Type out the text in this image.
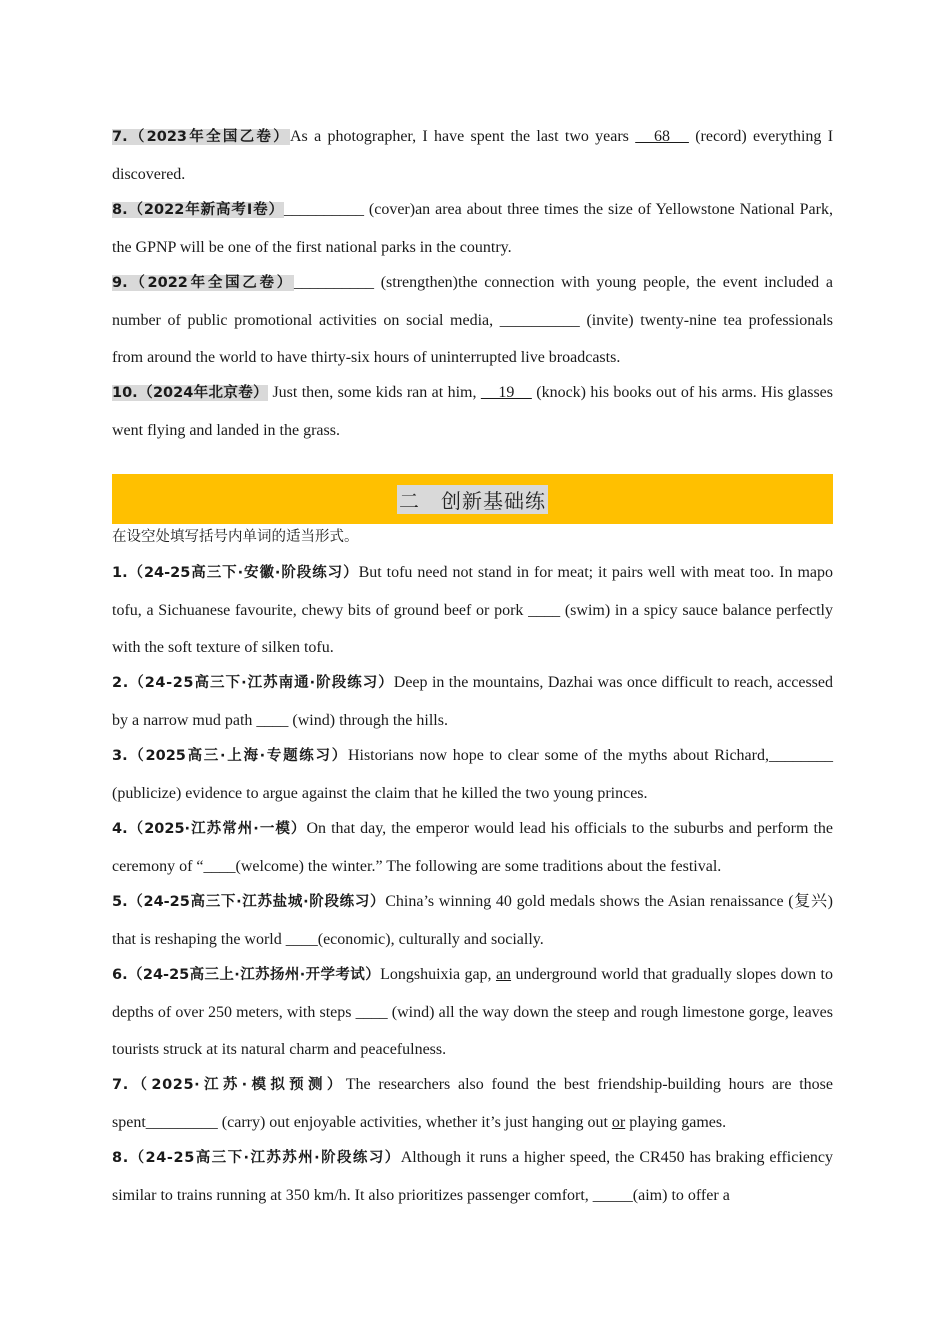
7.（2023年全国乙卷）As a photographer, I have spent the last two years    68    (record) everything I discovered.

8.（2022年新高考I卷）__________ (cover)an area about three times the size of Yellowstone National Park, the GPNP will be one of the first national parks in the country.

9.（2022年全国乙卷）__________ (strengthen)the connection with young people, the event included a number of public promotional activities on social media, __________ (invite) twenty-nine tea professionals from around the world to have thirty-six hours of uninterrupted live broadcasts.

10.（2024年北京卷） Just then, some kids ran at him,     19     (knock) his books out of his arms. His glasses went flying and landed in the grass.

二　创新基础练

在设空处填写括号内单词的适当形式。

1.（24-25高三下·安徽·阶段练习）But tofu need not stand in for meat; it pairs well with meat too. In mapo tofu, a Sichuanese favourite, chewy bits of ground beef or pork ____ (swim) in a spicy sauce balance perfectly with the soft texture of silken tofu.

2.（24-25高三下·江苏南通·阶段练习）Deep in the mountains, Dazhai was once difficult to reach, accessed by a narrow mud path ____ (wind) through the hills.

3.（2025高三·上海·专题练习）Historians now hope to clear some of the myths about Richard,________ (publicize) evidence to argue against the claim that he killed the two young princes.

4.（2025·江苏常州·一模）On that day, the emperor would lead his officials to the suburbs and perform the ceremony of “____(welcome) the winter.” The following are some traditions about the festival.

5.（24-25高三下·江苏盐城·阶段练习）China’s winning 40 gold medals shows the Asian renaissance (复兴) that is reshaping the world ____(economic), culturally and socially.

6.（24-25高三上·江苏扬州·开学考试）Longshuixia gap, an underground world that gradually slopes down to depths of over 250 meters, with steps ____ (wind) all the way down the steep and rough limestone gorge, leaves tourists struck at its natural charm and peacefulness.

7.（2025·江苏·模拟预测）The researchers also found the best friendship-building hours are those spent_________ (carry) out enjoyable activities, whether it’s just hanging out or playing games.

8.（24-25高三下·江苏苏州·阶段练习）Although it runs a higher speed, the CR450 has braking efficiency similar to trains running at 350 km/h. It also prioritizes passenger comfort, _____(aim) to offer a
